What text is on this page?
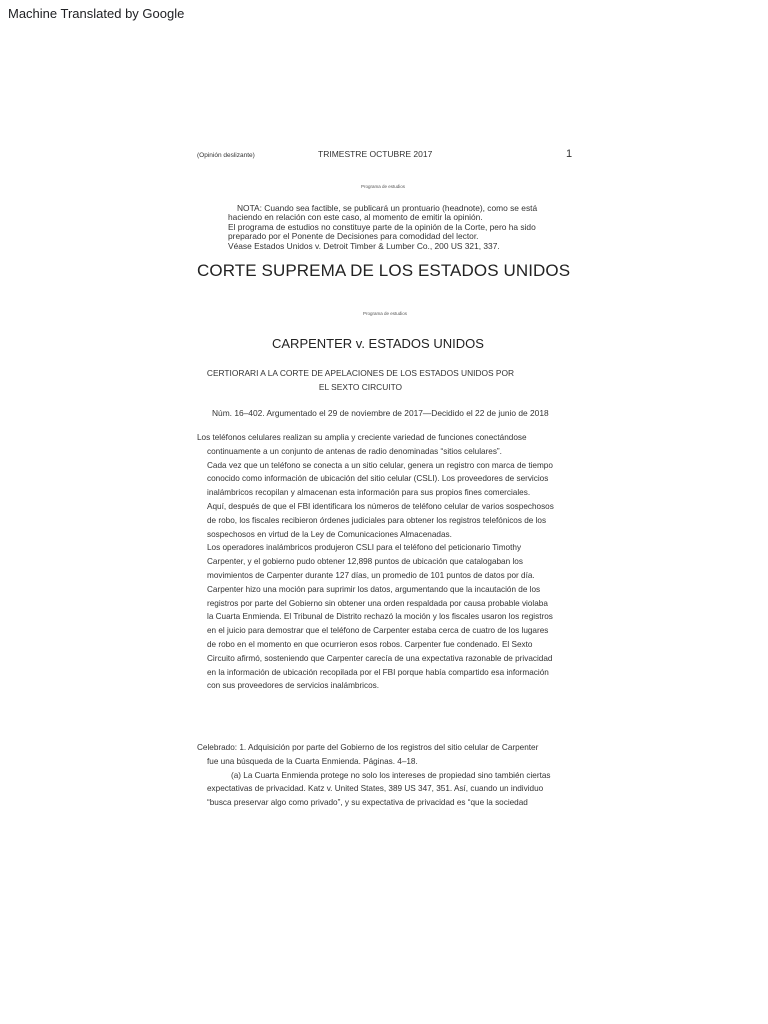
Machine Translated by Google
(Opinión deslizante)	TRIMESTRE OCTUBRE 2017	1
Programa de estudios
NOTA: Cuando sea factible, se publicará un prontuario (headnote), como se está
haciendo en relación con este caso, al momento de emitir la opinión.
El programa de estudios no constituye parte de la opinión de la Corte, pero ha sido
preparado por el Ponente de Decisiones para comodidad del lector.
Véase Estados Unidos v. Detroit Timber & Lumber Co., 200 US 321, 337.
CORTE SUPREMA DE LOS ESTADOS UNIDOS
Programa de estudios
CARPENTER v. ESTADOS UNIDOS
CERTIORARI A LA CORTE DE APELACIONES DE LOS ESTADOS UNIDOS POR
EL SEXTO CIRCUITO
Núm. 16–402. Argumentado el 29 de noviembre de 2017—Decidido el 22 de junio de 2018
Los teléfonos celulares realizan su amplia y creciente variedad de funciones conectándose
continuamente a un conjunto de antenas de radio denominadas “sitios celulares”.
Cada vez que un teléfono se conecta a un sitio celular, genera un registro con marca de tiempo
conocido como información de ubicación del sitio celular (CSLI). Los proveedores de servicios
inalámbricos recopilan y almacenan esta información para sus propios fines comerciales.
Aquí, después de que el FBI identificara los números de teléfono celular de varios sospechosos
de robo, los fiscales recibieron órdenes judiciales para obtener los registros telefónicos de los
sospechosos en virtud de la Ley de Comunicaciones Almacenadas.
Los operadores inalámbricos produjeron CSLI para el teléfono del peticionario Timothy
Carpenter, y el gobierno pudo obtener 12,898 puntos de ubicación que catalogaban los
movimientos de Carpenter durante 127 días, un promedio de 101 puntos de datos por día.
Carpenter hizo una moción para suprimir los datos, argumentando que la incautación de los
registros por parte del Gobierno sin obtener una orden respaldada por causa probable violaba
la Cuarta Enmienda. El Tribunal de Distrito rechazó la moción y los fiscales usaron los registros
en el juicio para demostrar que el teléfono de Carpenter estaba cerca de cuatro de los lugares
de robo en el momento en que ocurrieron esos robos. Carpenter fue condenado. El Sexto
Circuito afirmó, sosteniendo que Carpenter carecía de una expectativa razonable de privacidad
en la información de ubicación recopilada por el FBI porque había compartido esa información
con sus proveedores de servicios inalámbricos.
Celebrado: 1. Adquisición por parte del Gobierno de los registros del sitio celular de Carpenter
fue una búsqueda de la Cuarta Enmienda. Páginas. 4–18.
(a) La Cuarta Enmienda protege no solo los intereses de propiedad sino también ciertas
expectativas de privacidad. Katz v. United States, 389 US 347, 351. Así, cuando un individuo
“busca preservar algo como privado”, y su expectativa de privacidad es “que la sociedad
